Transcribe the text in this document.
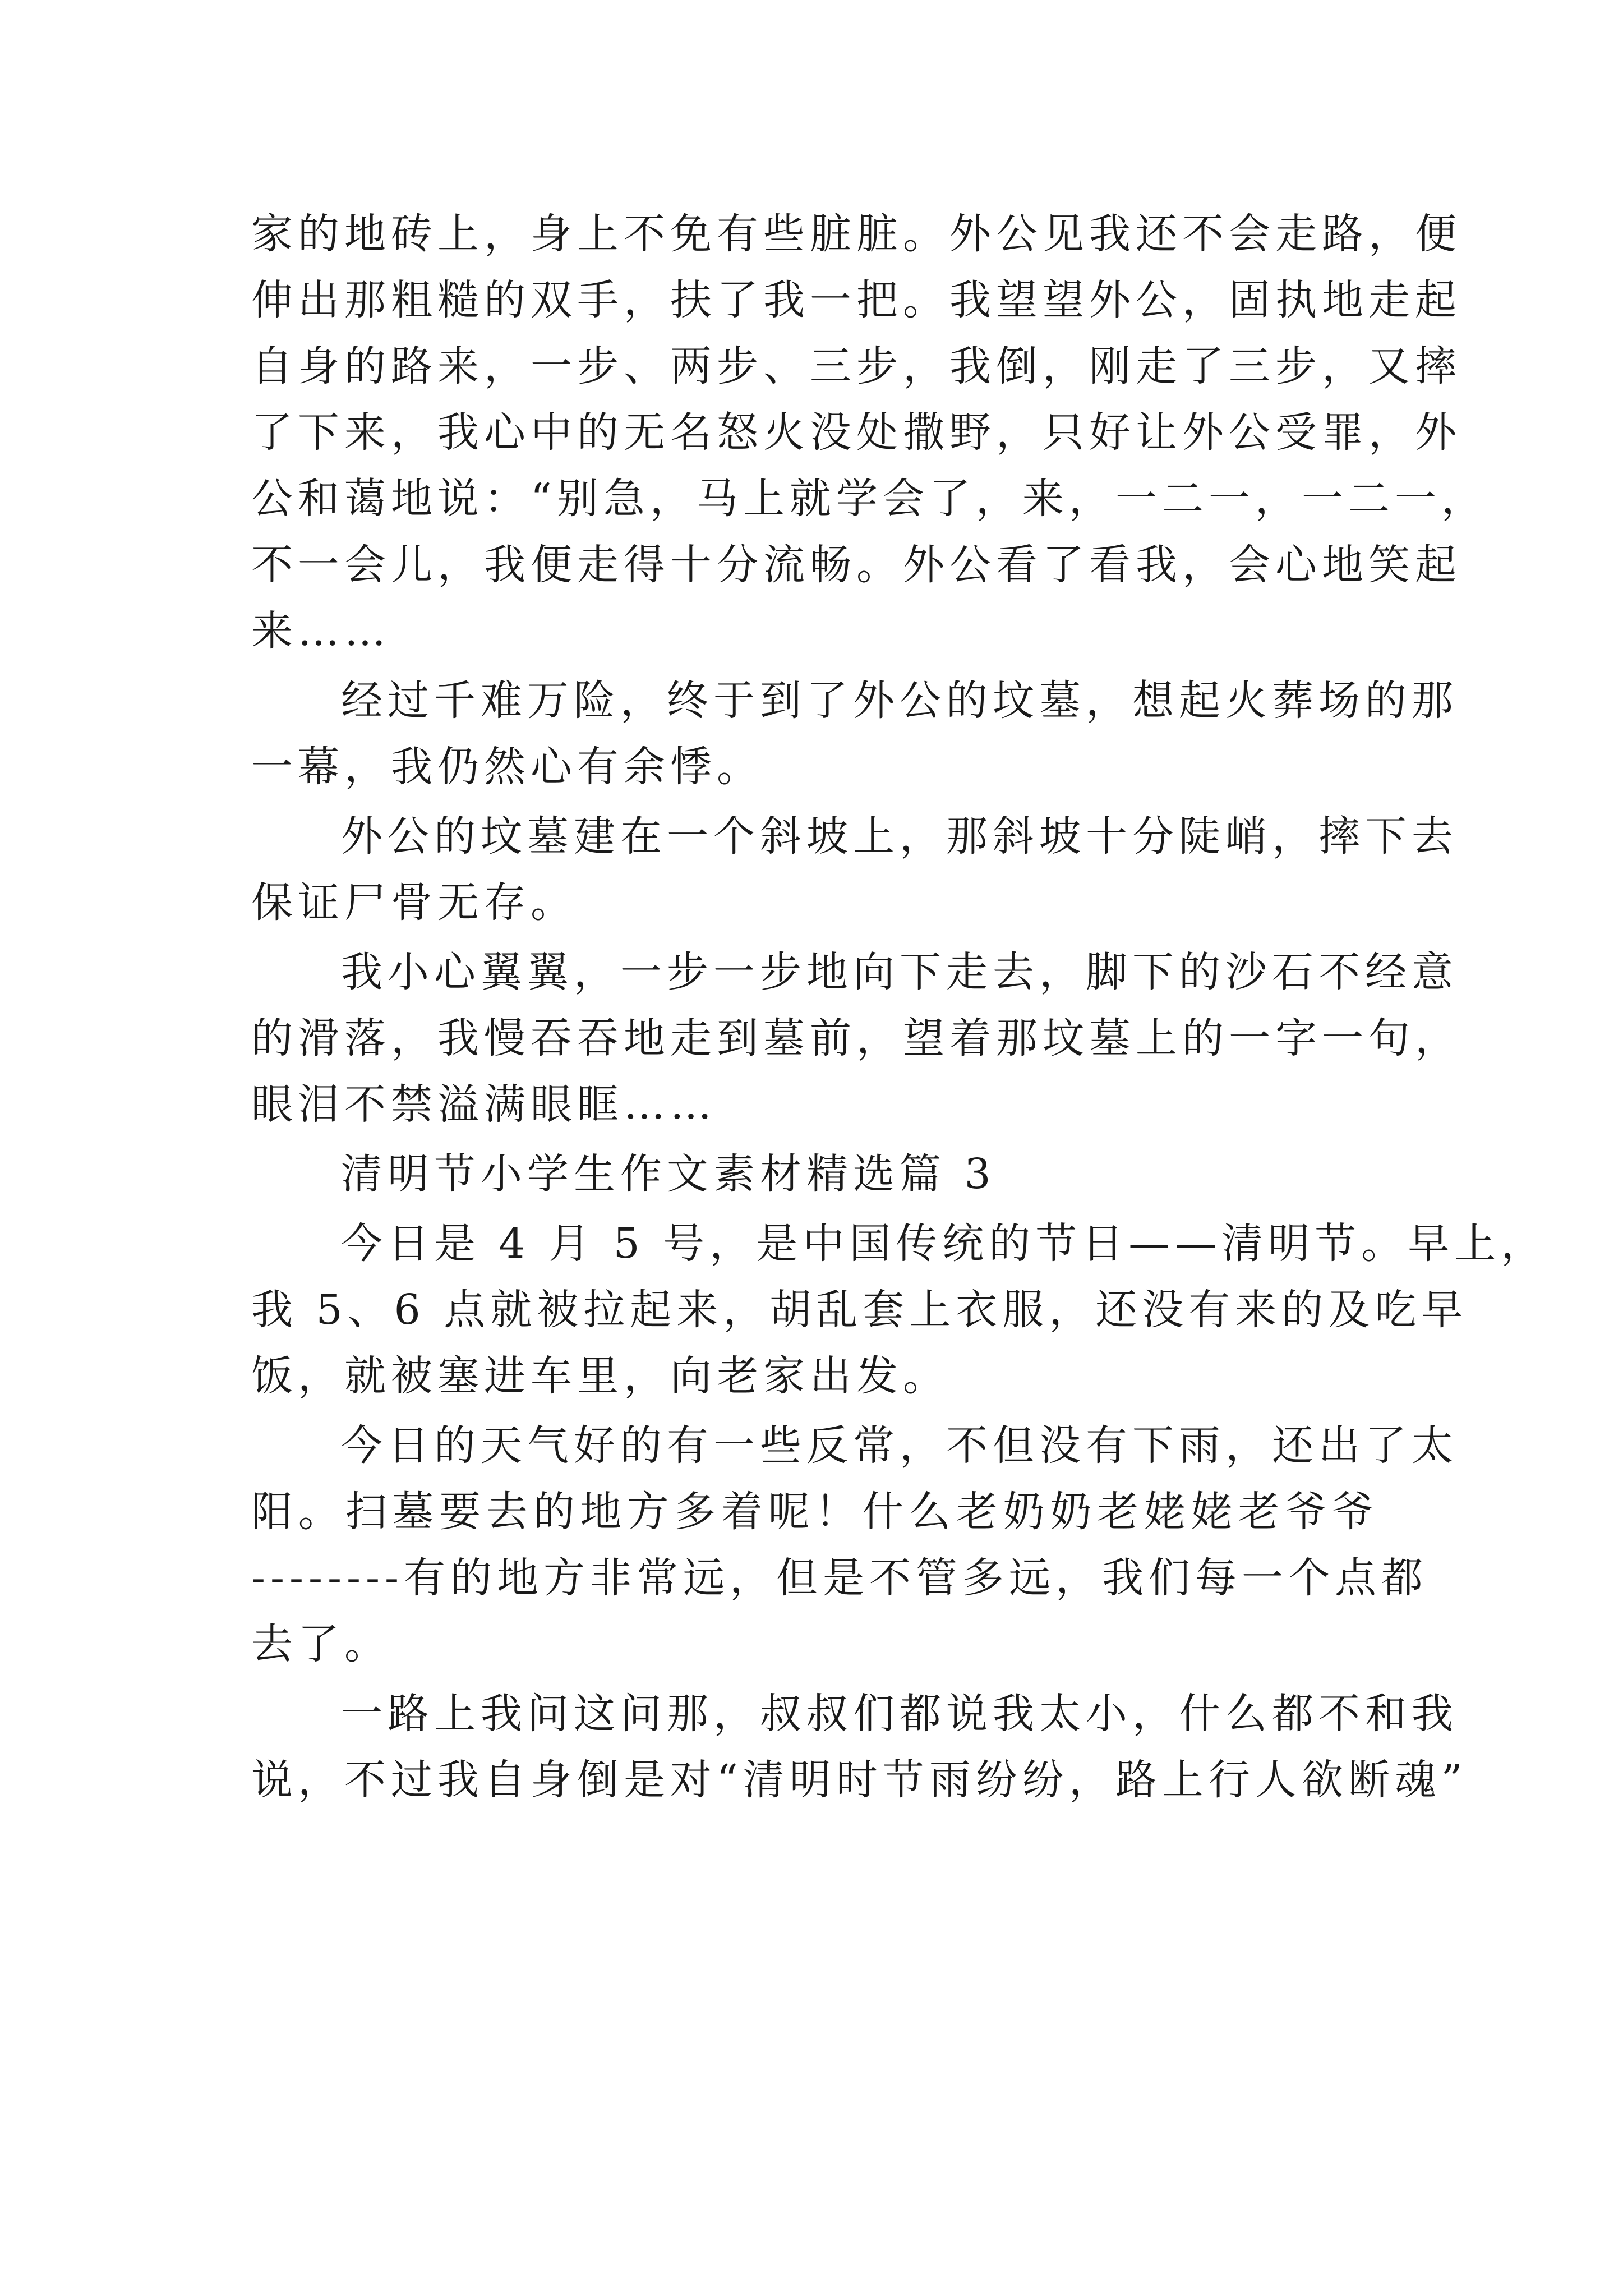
家的地砖上，身上不免有些脏脏。外公见我还不会走路，便
伸出那粗糙的双手，扶了我一把。我望望外公，固执地走起
自身的路来，一步、两步、三步，我倒，刚走了三步，又摔
了下来，我心中的无名怒火没处撒野，只好让外公受罪，外
公和蔼地说：“别急，马上就学会了，来，一二一，一二一，
不一会儿，我便走得十分流畅。外公看了看我，会心地笑起
来……
经过千难万险，终于到了外公的坟墓，想起火葬场的那
一幕，我仍然心有余悸。
外公的坟墓建在一个斜坡上，那斜坡十分陡峭，摔下去
保证尸骨无存。
我小心翼翼，一步一步地向下走去，脚下的沙石不经意
的滑落，我慢吞吞地走到墓前，望着那坟墓上的一字一句，
眼泪不禁溢满眼眶……
清明节小学生作文素材精选篇 3
今日是 4 月 5 号，是中国传统的节日——清明节。早上，
我 5、6 点就被拉起来，胡乱套上衣服，还没有来的及吃早
饭，就被塞进车里，向老家出发。
今日的天气好的有一些反常，不但没有下雨，还出了太
阳。扫墓要去的地方多着呢！什么老奶奶老姥姥老爷爷
--------有的地方非常远，但是不管多远，我们每一个点都
去了。
一路上我问这问那，叔叔们都说我太小，什么都不和我
说，不过我自身倒是对“清明时节雨纷纷，路上行人欲断魂”
